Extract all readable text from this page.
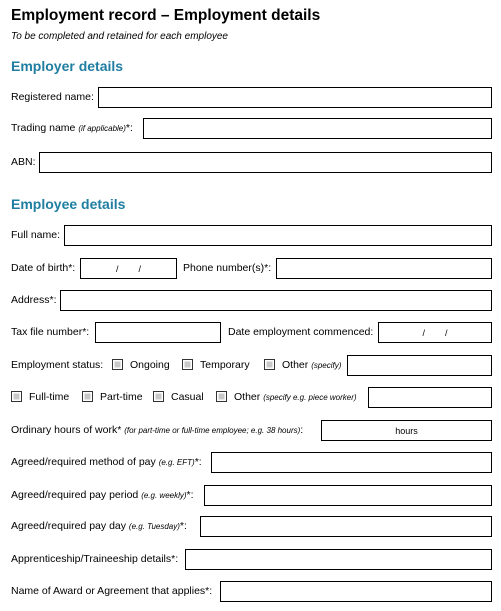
Employment record – Employment details
To be completed and retained for each employee
Employer details
Registered name:
Trading name (if applicable)*:
ABN:
Employee details
Full name:
Date of birth*:	/ /	Phone number(s)*:
Address*:
Tax file number*:	Date employment commenced:	/ /
Employment status:	Ongoing	Temporary	Other (specify)
Full-time	Part-time	Casual	Other (specify e.g. piece worker)
Ordinary hours of work* (for part-time or full-time employee; e.g. 38 hours):	hours
Agreed/required method of pay (e.g. EFT)*:
Agreed/required pay period (e.g. weekly)*:
Agreed/required pay day (e.g. Tuesday)*:
Apprenticeship/Traineeship details*:
Name of Award or Agreement that applies*:
